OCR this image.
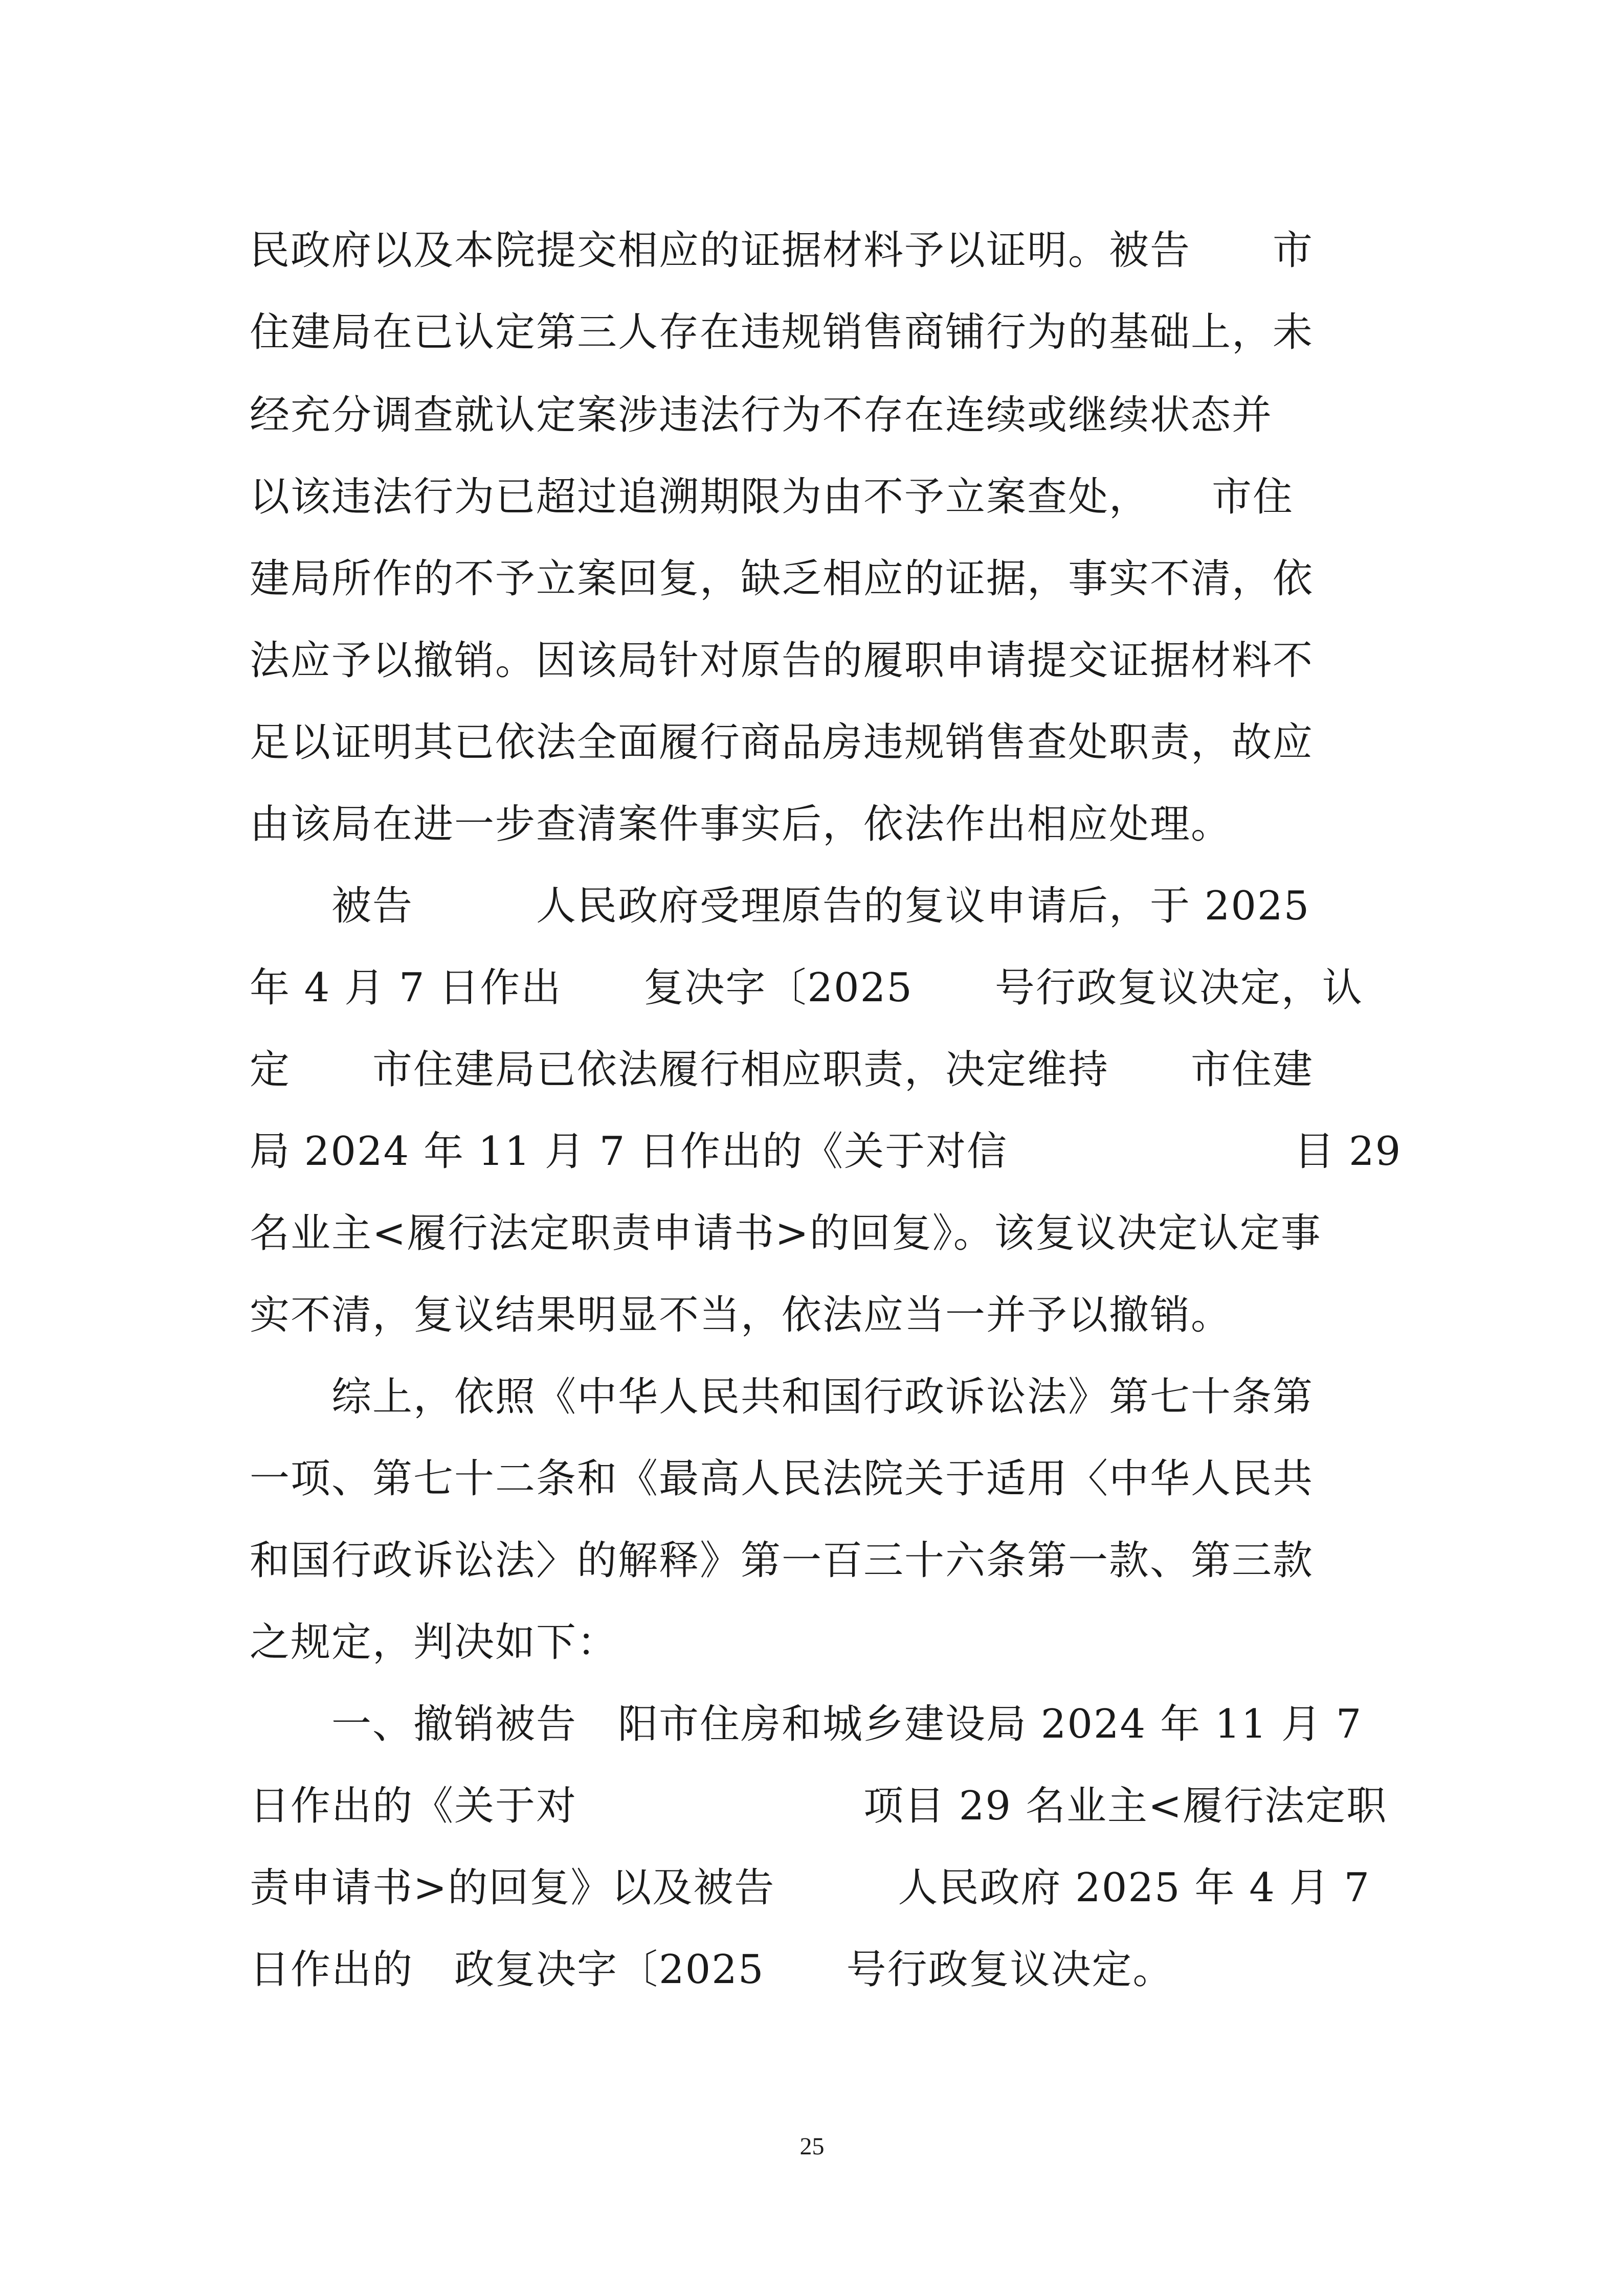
民政府以及本院提交相应的证据材料予以证明。被告　　市
住建局在已认定第三人存在违规销售商铺行为的基础上，未
经充分调查就认定案涉违法行为不存在连续或继续状态并
以该违法行为已超过追溯期限为由不予立案查处，　　市住
建局所作的不予立案回复，缺乏相应的证据，事实不清，依
法应予以撤销。因该局针对原告的履职申请提交证据材料不
足以证明其已依法全面履行商品房违规销售查处职责，故应
由该局在进一步查清案件事实后，依法作出相应处理。
　　被告　　　人民政府受理原告的复议申请后，于 2025
年 4 月 7 日作出　　复决字〔2025　　号行政复议决定，认
定　　市住建局已依法履行相应职责，决定维持　　市住建
局 2024 年 11 月 7 日作出的《关于对信　　　　　　　目 29
名业主<履行法定职责申请书>的回复》。该复议决定认定事
实不清，复议结果明显不当，依法应当一并予以撤销。
　　综上，依照《中华人民共和国行政诉讼法》第七十条第
一项、第七十二条和《最高人民法院关于适用〈中华人民共
和国行政诉讼法〉的解释》第一百三十六条第一款、第三款
之规定，判决如下：
　　一、撤销被告　阳市住房和城乡建设局 2024 年 11 月 7
日作出的《关于对　　　　　　　项目 29 名业主<履行法定职
责申请书>的回复》以及被告　　　人民政府 2025 年 4 月 7
日作出的　政复决字〔2025　　号行政复议决定。
25
